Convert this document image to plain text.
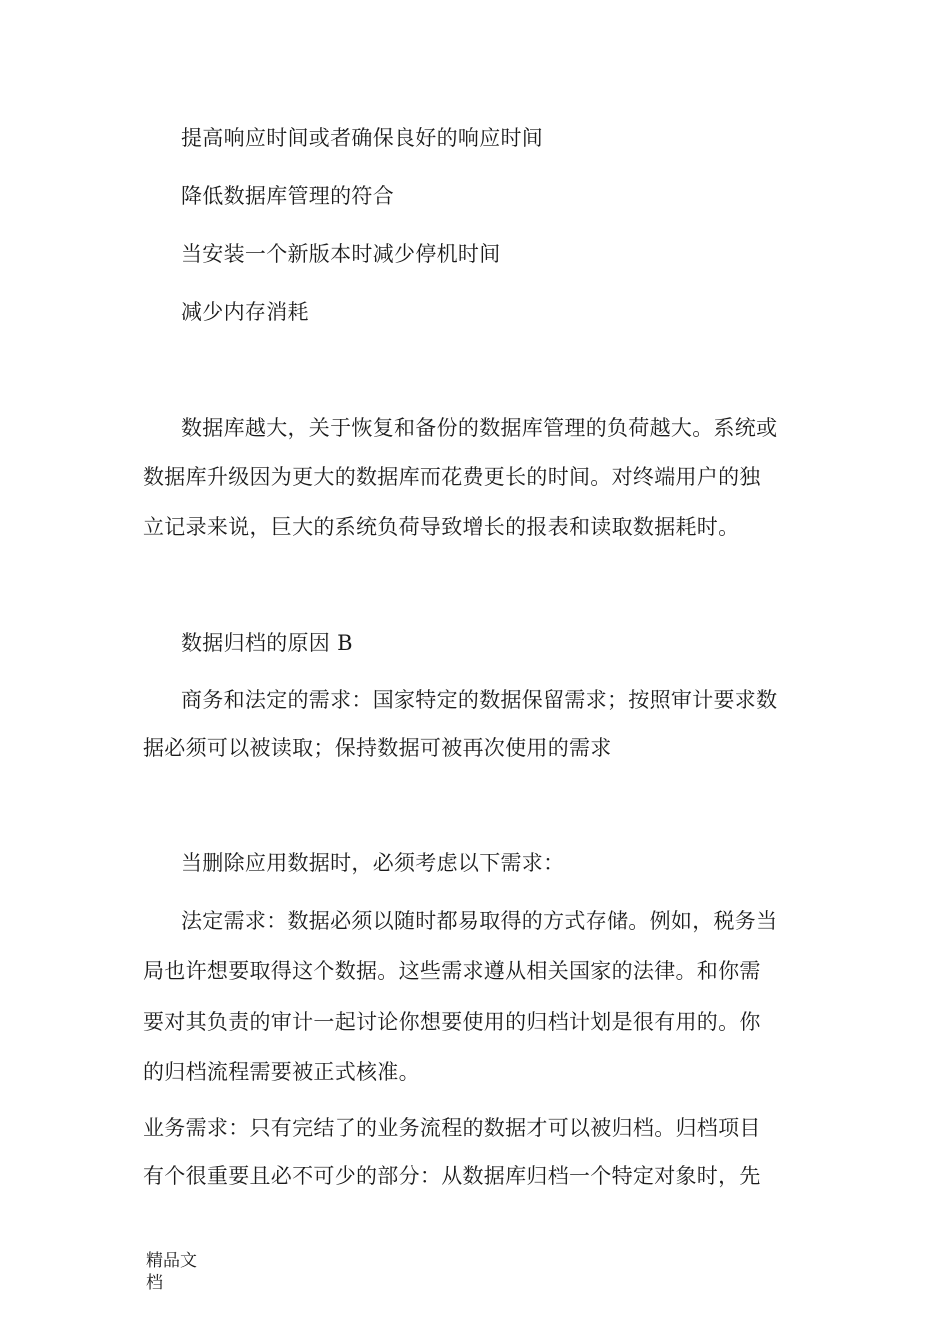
提高响应时间或者确保良好的响应时间

降低数据库管理的符合

当安装一个新版本时减少停机时间

减少内存消耗

数据库越大，关于恢复和备份的数据库管理的负荷越大。系统或

数据库升级因为更大的数据库而花费更长的时间。对终端用户的独

立记录来说，巨大的系统负荷导致增长的报表和读取数据耗时。

数据归档的原因 B

商务和法定的需求：国家特定的数据保留需求；按照审计要求数

据必须可以被读取；保持数据可被再次使用的需求

当删除应用数据时，必须考虑以下需求：

法定需求：数据必须以随时都易取得的方式存储。例如，税务当

局也许想要取得这个数据。这些需求遵从相关国家的法律。和你需

要对其负责的审计一起讨论你想要使用的归档计划是很有用的。你

的归档流程需要被正式核准。

业务需求：只有完结了的业务流程的数据才可以被归档。归档项目

有个很重要且必不可少的部分：从数据库归档一个特定对象时，先

精品文档
